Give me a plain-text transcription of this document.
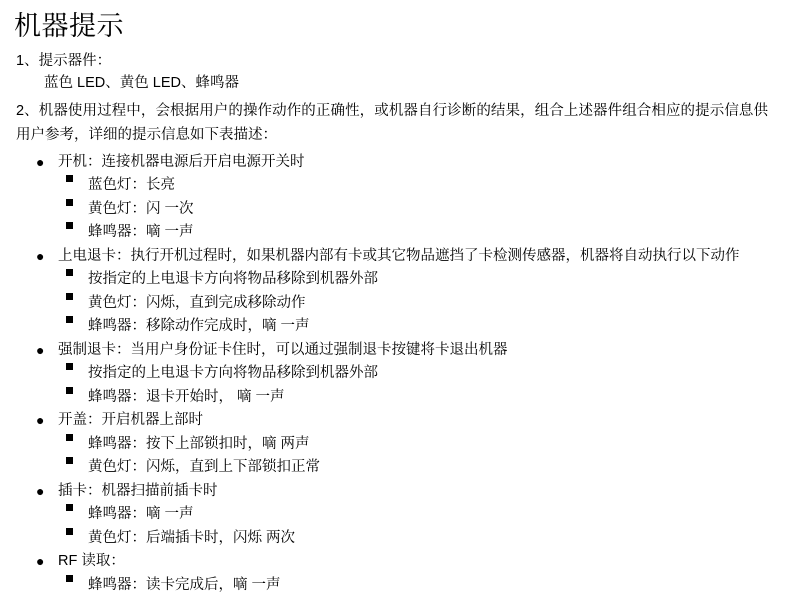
机器提示
1、提示器件：
蓝色 LED、黄色 LED、蜂鸣器
2、机器使用过程中，会根据用户的操作动作的正确性，或机器自行诊断的结果，组合上述器件组合相应的提示信息供用户参考，详细的提示信息如下表描述：
● 开机：连接机器电源后开启电源开关时
蓝色灯：长亮
黄色灯：闪 一次
蜂鸣器：嘀 一声
● 上电退卡：执行开机过程时，如果机器内部有卡或其它物品遮挡了卡检测传感器，机器将自动执行以下动作
按指定的上电退卡方向将物品移除到机器外部
黄色灯：闪烁，直到完成移除动作
蜂鸣器：移除动作完成时，嘀 一声
● 强制退卡：当用户身份证卡住时，可以通过强制退卡按键将卡退出机器
按指定的上电退卡方向将物品移除到机器外部
蜂鸣器：退卡开始时， 嘀 一声
● 开盖：开启机器上部时
蜂鸣器：按下上部锁扣时，嘀 两声
黄色灯：闪烁，直到上下部锁扣正常
● 插卡：机器扫描前插卡时
蜂鸣器：嘀 一声
黄色灯：后端插卡时，闪烁 两次
● RF 读取：
蜂鸣器：读卡完成后，嘀 一声
